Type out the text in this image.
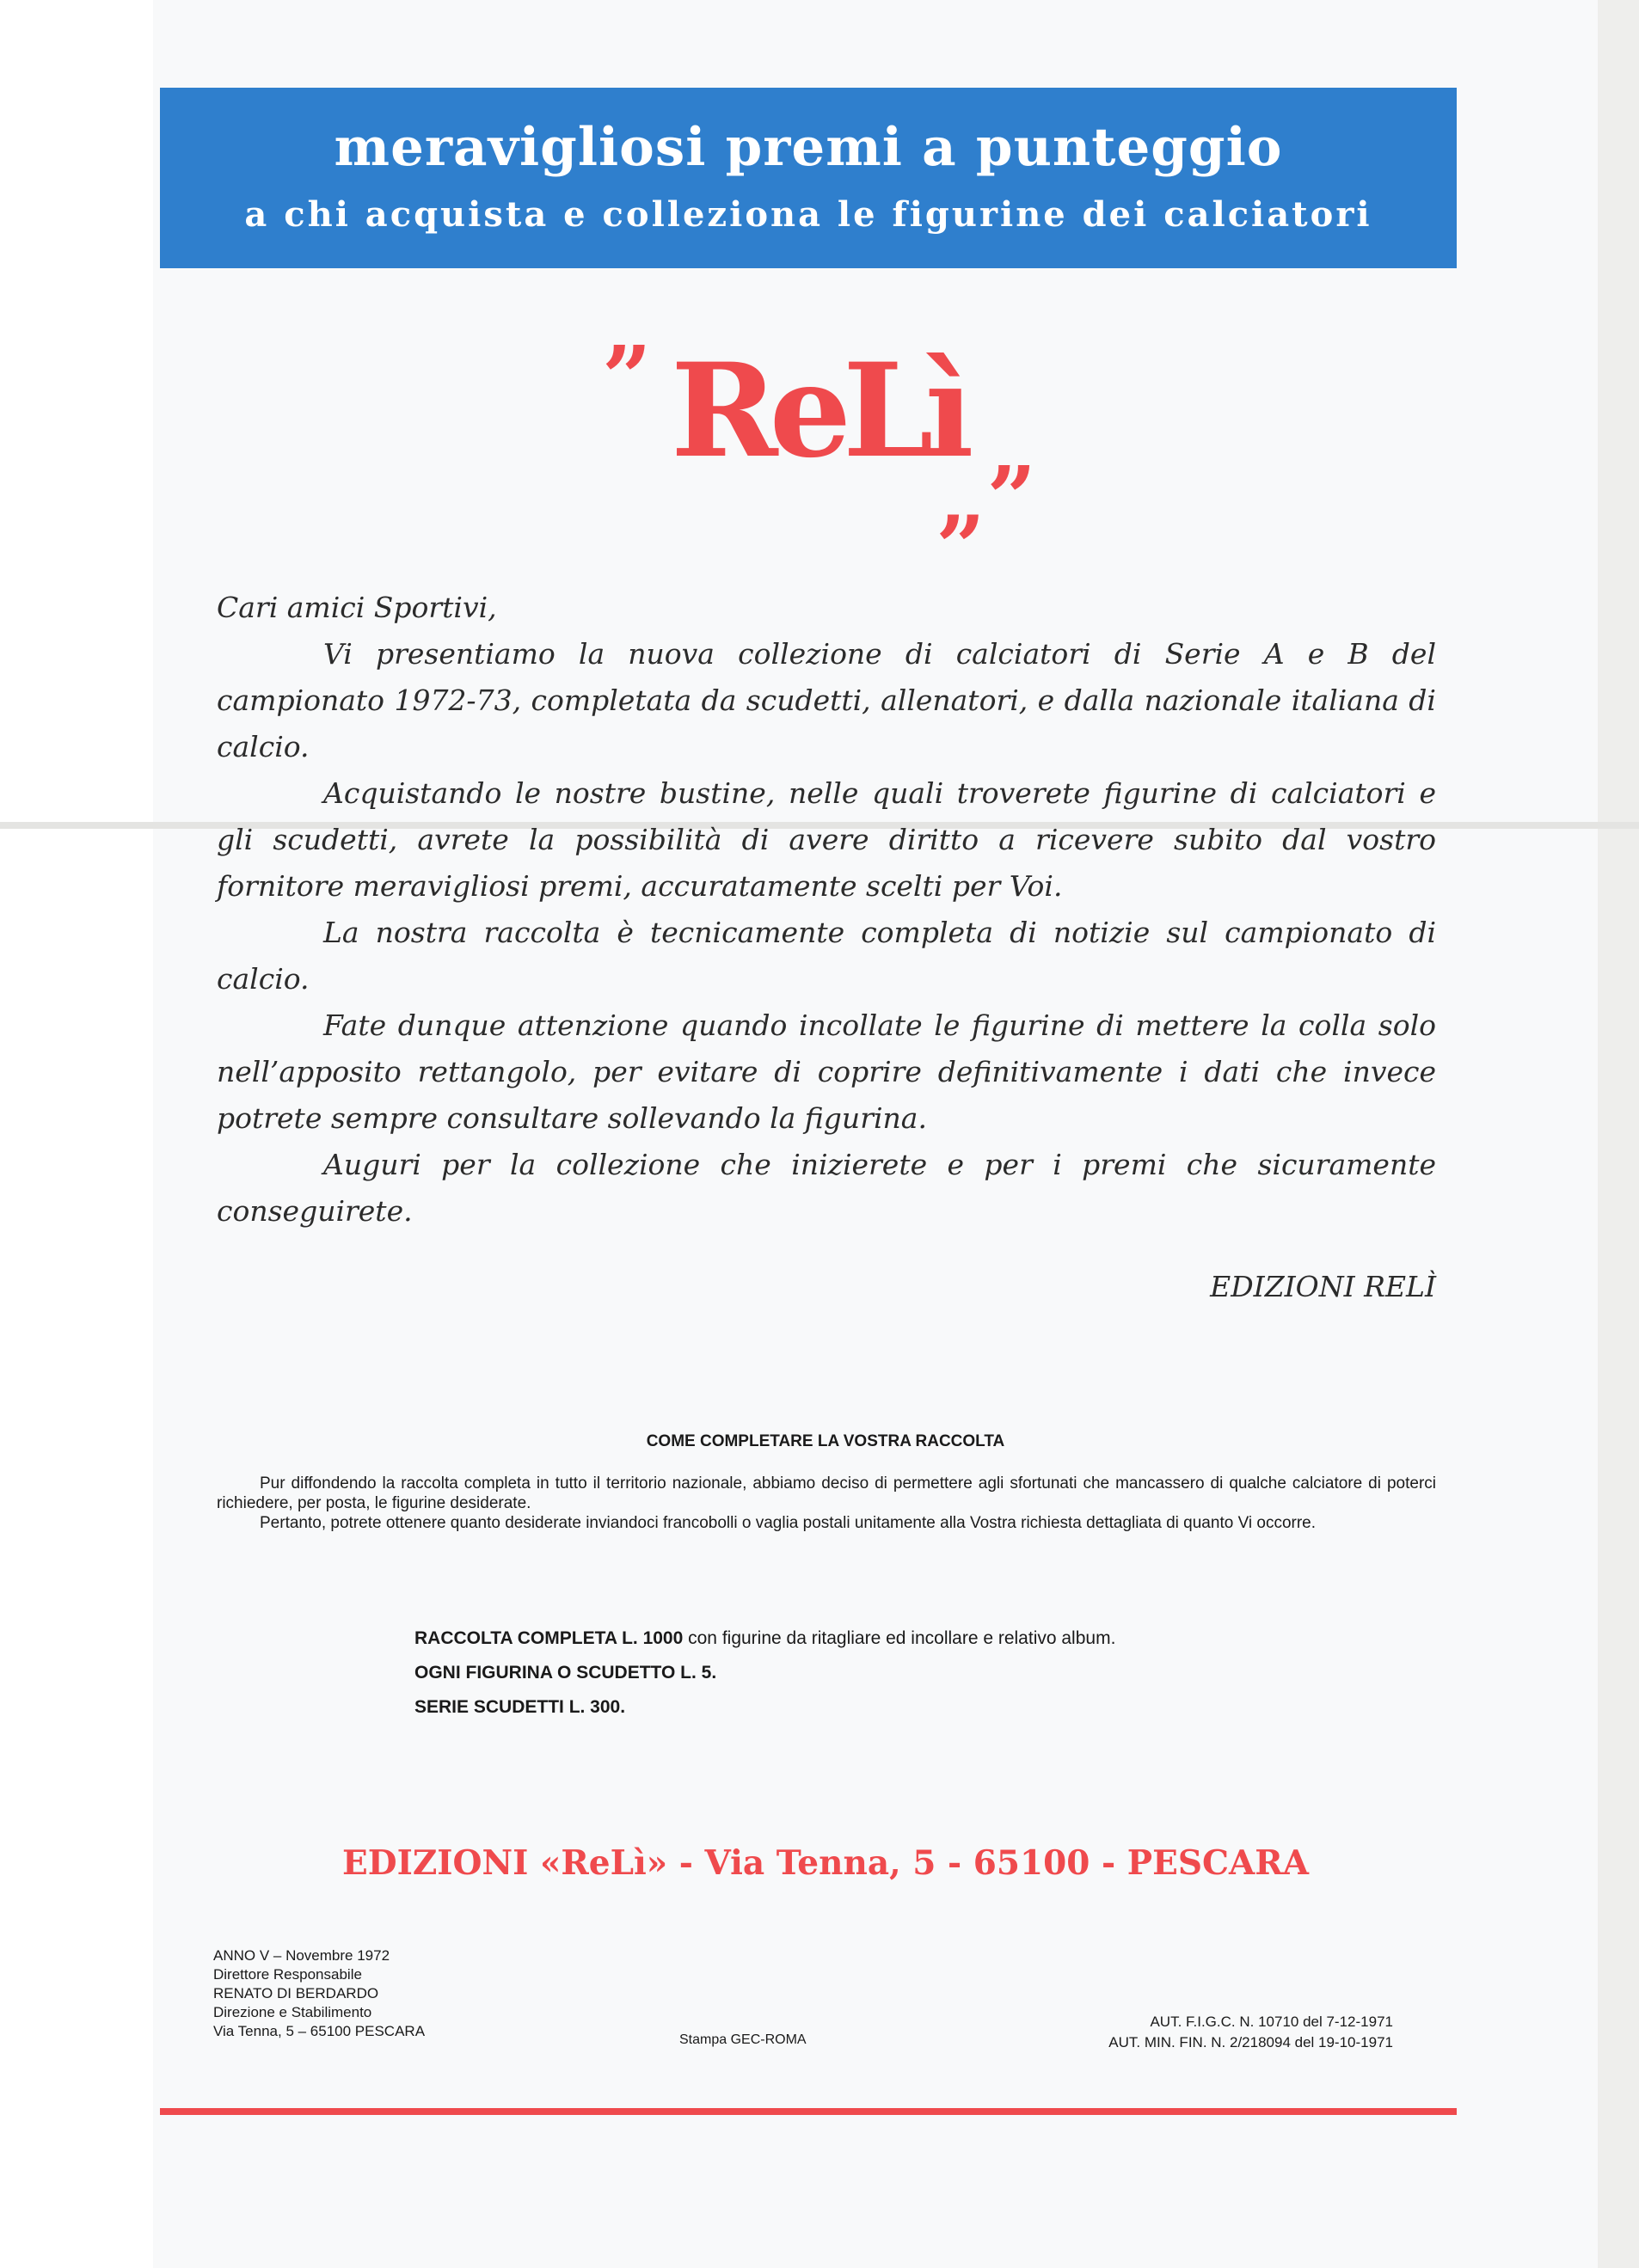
meravigliosi premi a punteggio
a chi acquista e colleziona le figurine dei calciatori
” ReLì
„”

Cari amici Sportivi,

Vi presentiamo la nuova collezione di calciatori di Serie A e B del campionato 1972-73, completata da scudetti, allenatori, e dalla nazionale italiana di calcio.

Acquistando le nostre bustine, nelle quali troverete figurine di calciatori e gli scudetti, avrete la possibilità di avere diritto a ricevere subito dal vostro fornitore meravigliosi premi, accuratamente scelti per Voi.

La nostra raccolta è tecnicamente completa di notizie sul campionato di calcio.

Fate dunque attenzione quando incollate le figurine di mettere la colla solo nell’apposito rettangolo, per evitare di coprire definitivamente i dati che invece potrete sempre consultare sollevando la figurina.

Auguri per la collezione che inizierete e per i premi che sicuramente conseguirete.

EDIZIONI RELÌ

COME COMPLETARE LA VOSTRA RACCOLTA

Pur diffondendo la raccolta completa in tutto il territorio nazionale, abbiamo deciso di permettere agli sfortunati che mancassero di qualche calciatore di poterci richiedere, per posta, le figurine desiderate.

Pertanto, potrete ottenere quanto desiderate inviandoci francobolli o vaglia postali unitamente alla Vostra richiesta dettagliata di quanto Vi occorre.

RACCOLTA COMPLETA L. 1000 con figurine da ritagliare ed incollare e relativo album.
OGNI FIGURINA O SCUDETTO L. 5.
SERIE SCUDETTI L. 300.
EDIZIONI «ReLì» - Via Tenna, 5 - 65100 - PESCARA
ANNO V – Novembre 1972
Direttore Responsabile
RENATO DI BERDARDO
Direzione e Stabilimento
Via Tenna, 5 – 65100 PESCARA
Stampa GEC-ROMA
AUT. F.I.G.C. N. 10710 del 7-12-1971
AUT. MIN. FIN. N. 2/218094 del 19-10-1971
